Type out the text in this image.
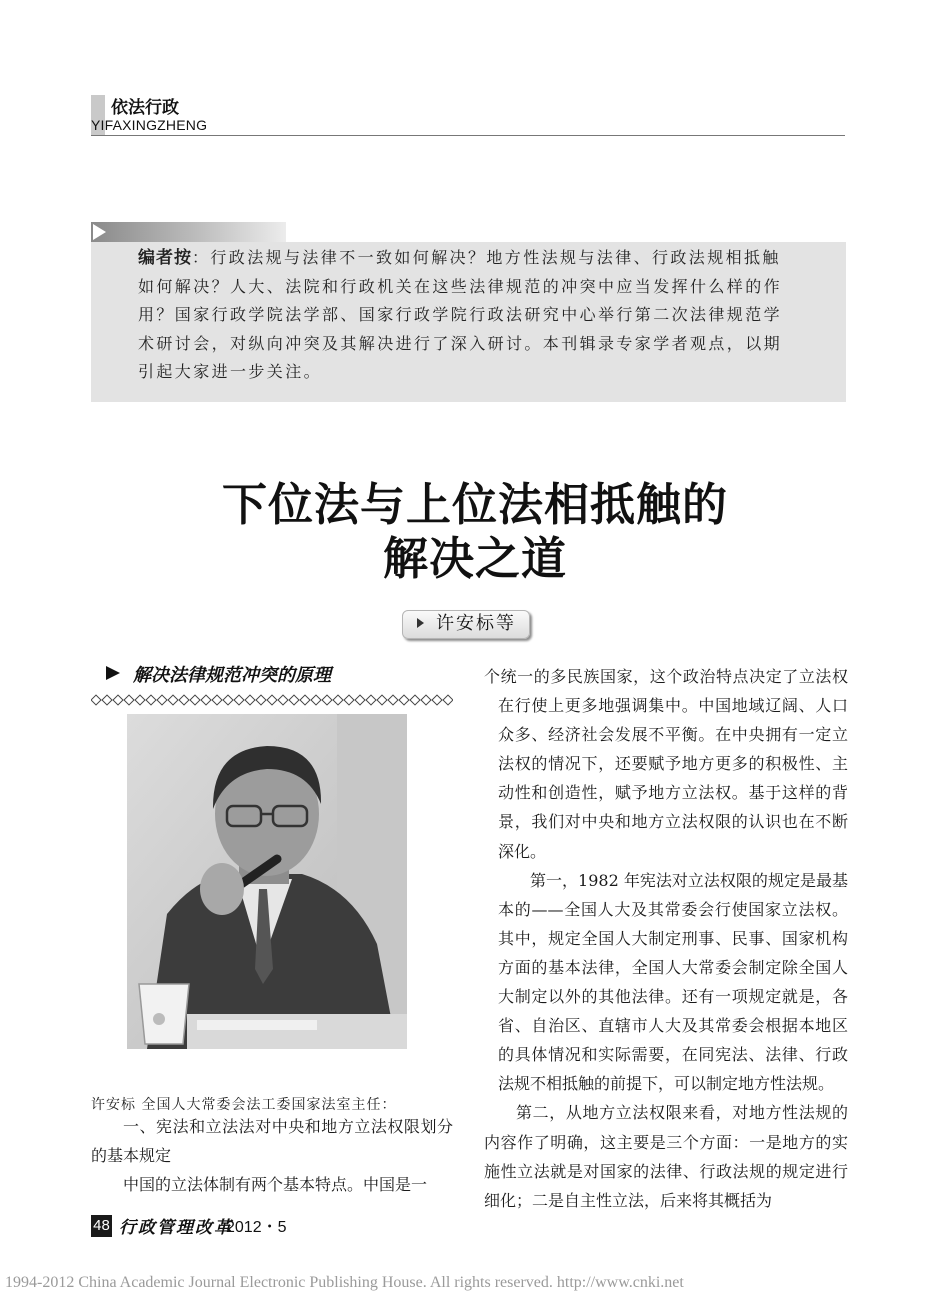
依法行政
YIFAXINGZHENG
编者按：行政法规与法律不一致如何解决？地方性法规与法律、行政法规相抵触如何解决？人大、法院和行政机关在这些法律规范的冲突中应当发挥什么样的作用？国家行政学院法学部、国家行政学院行政法研究中心举行第二次法律规范学术研讨会，对纵向冲突及其解决进行了深入研讨。本刊辑录专家学者观点，以期引起大家进一步关注。
下位法与上位法相抵触的
解决之道
许安标等
解决法律规范冲突的原理
许安标 全国人大常委会法工委国家法室主任：

一、宪法和立法法对中央和地方立法权限划分的基本规定

中国的立法体制有两个基本特点。中国是一

个统一的多民族国家，这个政治特点决定了立法权在行使上更多地强调集中。中国地域辽阔、人口众多、经济社会发展不平衡。在中央拥有一定立法权的情况下，还要赋予地方更多的积极性、主动性和创造性，赋予地方立法权。基于这样的背景，我们对中央和地方立法权限的认识也在不断深化。

第一，1982 年宪法对立法权限的规定是最基本的——全国人大及其常委会行使国家立法权。其中，规定全国人大制定刑事、民事、国家机构方面的基本法律，全国人大常委会制定除全国人大制定以外的其他法律。还有一项规定就是，各省、自治区、直辖市人大及其常委会根据本地区的具体情况和实际需要，在同宪法、法律、行政法规不相抵触的前提下，可以制定地方性法规。

第二，从地方立法权限来看，对地方性法规的内容作了明确，这主要是三个方面：一是地方的实施性立法就是对国家的法律、行政法规的规定进行细化；二是自主性立法，后来将其概括为

48 行政管理改革
2012・5
1994-2012 China Academic Journal Electronic Publishing House. All rights reserved. http://www.cnki.net
